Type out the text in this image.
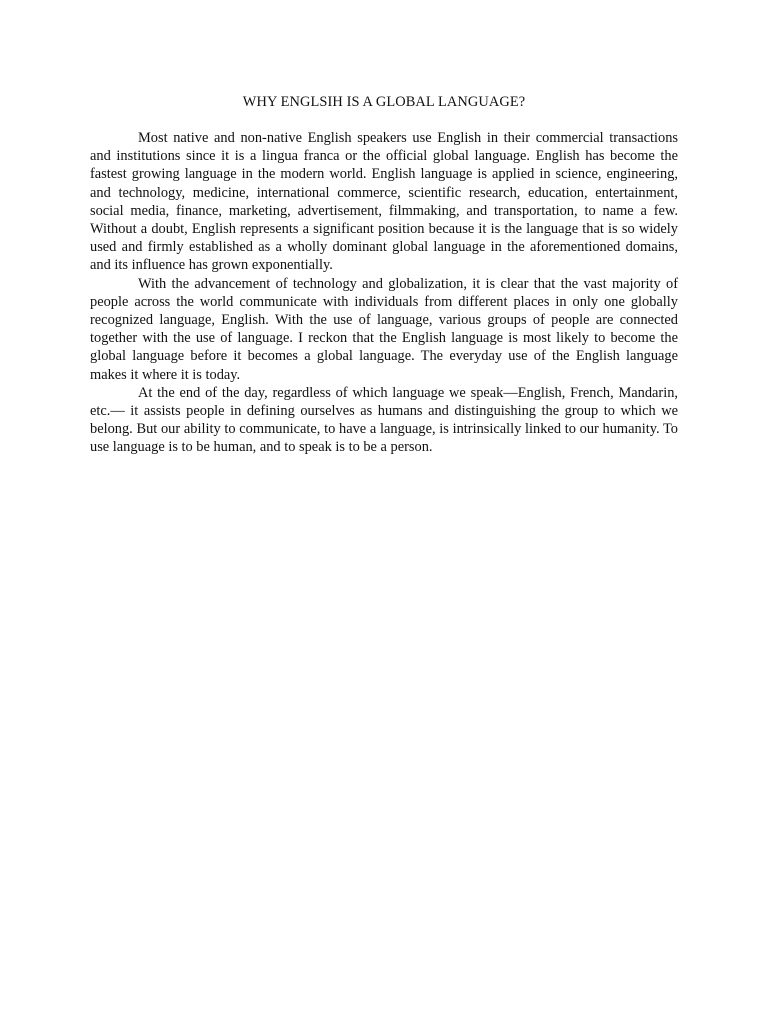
WHY ENGLSIH IS A GLOBAL LANGUAGE?

Most native and non-native English speakers use English in their commercial transactions and institutions since it is a lingua franca or the official global language. English has become the fastest growing language in the modern world. English language is applied in science, engineering, and technology, medicine, international commerce, scientific research, education, entertainment, social media, finance, marketing, advertisement, filmmaking, and transportation, to name a few. Without a doubt, English represents a significant position because it is the language that is so widely used and firmly established as a wholly dominant global language in the aforementioned domains, and its influence has grown exponentially.

With the advancement of technology and globalization, it is clear that the vast majority of people across the world communicate with individuals from different places in only one globally recognized language, English. With the use of language, various groups of people are connected together with the use of language. I reckon that the English language is most likely to become the global language before it becomes a global language. The everyday use of the English language makes it where it is today.

At the end of the day, regardless of which language we speak—English, French, Mandarin, etc.— it assists people in defining ourselves as humans and distinguishing the group to which we belong. But our ability to communicate, to have a language, is intrinsically linked to our humanity. To use language is to be human, and to speak is to be a person.
